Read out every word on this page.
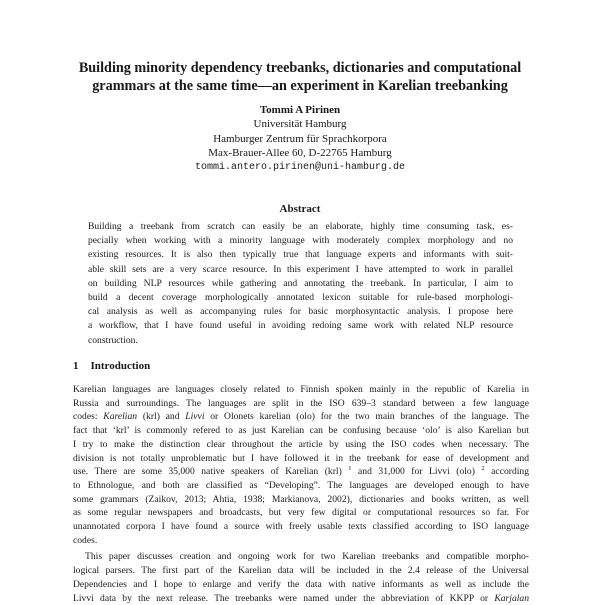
Building minority dependency treebanks, dictionaries and computational
grammars at the same time—an experiment in Karelian treebanking
Tommi A Pirinen
Universität Hamburg
Hamburger Zentrum für Sprachkorpora
Max-Brauer-Allee 60, D-22765 Hamburg
tommi.antero.pirinen@uni-hamburg.de
Abstract
Building a treebank from scratch can easily be an elaborate, highly time consuming task, es-
pecially when working with a minority language with moderately complex morphology and no
existing resources. It is also then typically true that language experts and informants with suit-
able skill sets are a very scarce resource. In this experiment I have attempted to work in parallel
on building NLP resources while gathering and annotating the treebank. In particular, I aim to
build a decent coverage morphologically annotated lexicon suitable for rule-based morphologi-
cal analysis as well as accompanying rules for basic morphosyntactic analysis. I propose here
a workflow, that I have found useful in avoiding redoing same work with related NLP resource
construction.
1 Introduction
Karelian languages are languages closely related to Finnish spoken mainly in the republic of Karelia in
Russia and surroundings. The languages are split in the ISO 639–3 standard between a few language
codes: Karelian (krl) and Livvi or Olonets karelian (olo) for the two main branches of the language. The
fact that ‘krl’ is commonly refered to as just Karelian can be confusing because ‘olo’ is also Karelian but
I try to make the distinction clear throughout the article by using the ISO codes when necessary. The
division is not totally unproblematic but I have followed it in the treebank for ease of development and
use. There are some 35,000 native speakers of Karelian (krl) $^1$ and 31,000 for Livvi (olo) $^2$ according
to Ethnologue, and both are classified as “Developing”. The languages are developed enough to have
some grammars (Zaikov, 2013; Ahtia, 1938; Markianova, 2002), dictionaries and books written, as well
as some regular newspapers and broadcasts, but very few digital or computational resources so far. For
unannotated corpora I have found a source with freely usable texts classified according to ISO language
codes.
This paper discusses creation and ongoing work for two Karelian treebanks and compatible morpho-
logical parsers. The first part of the Karelian data will be included in the 2.4 release of the Universal
Dependencies and I hope to enlarge and verify the data with native informants as well as include the
Livvi data by the next release. The treebanks were named under the abbreviation of KKPP or Karjalan
